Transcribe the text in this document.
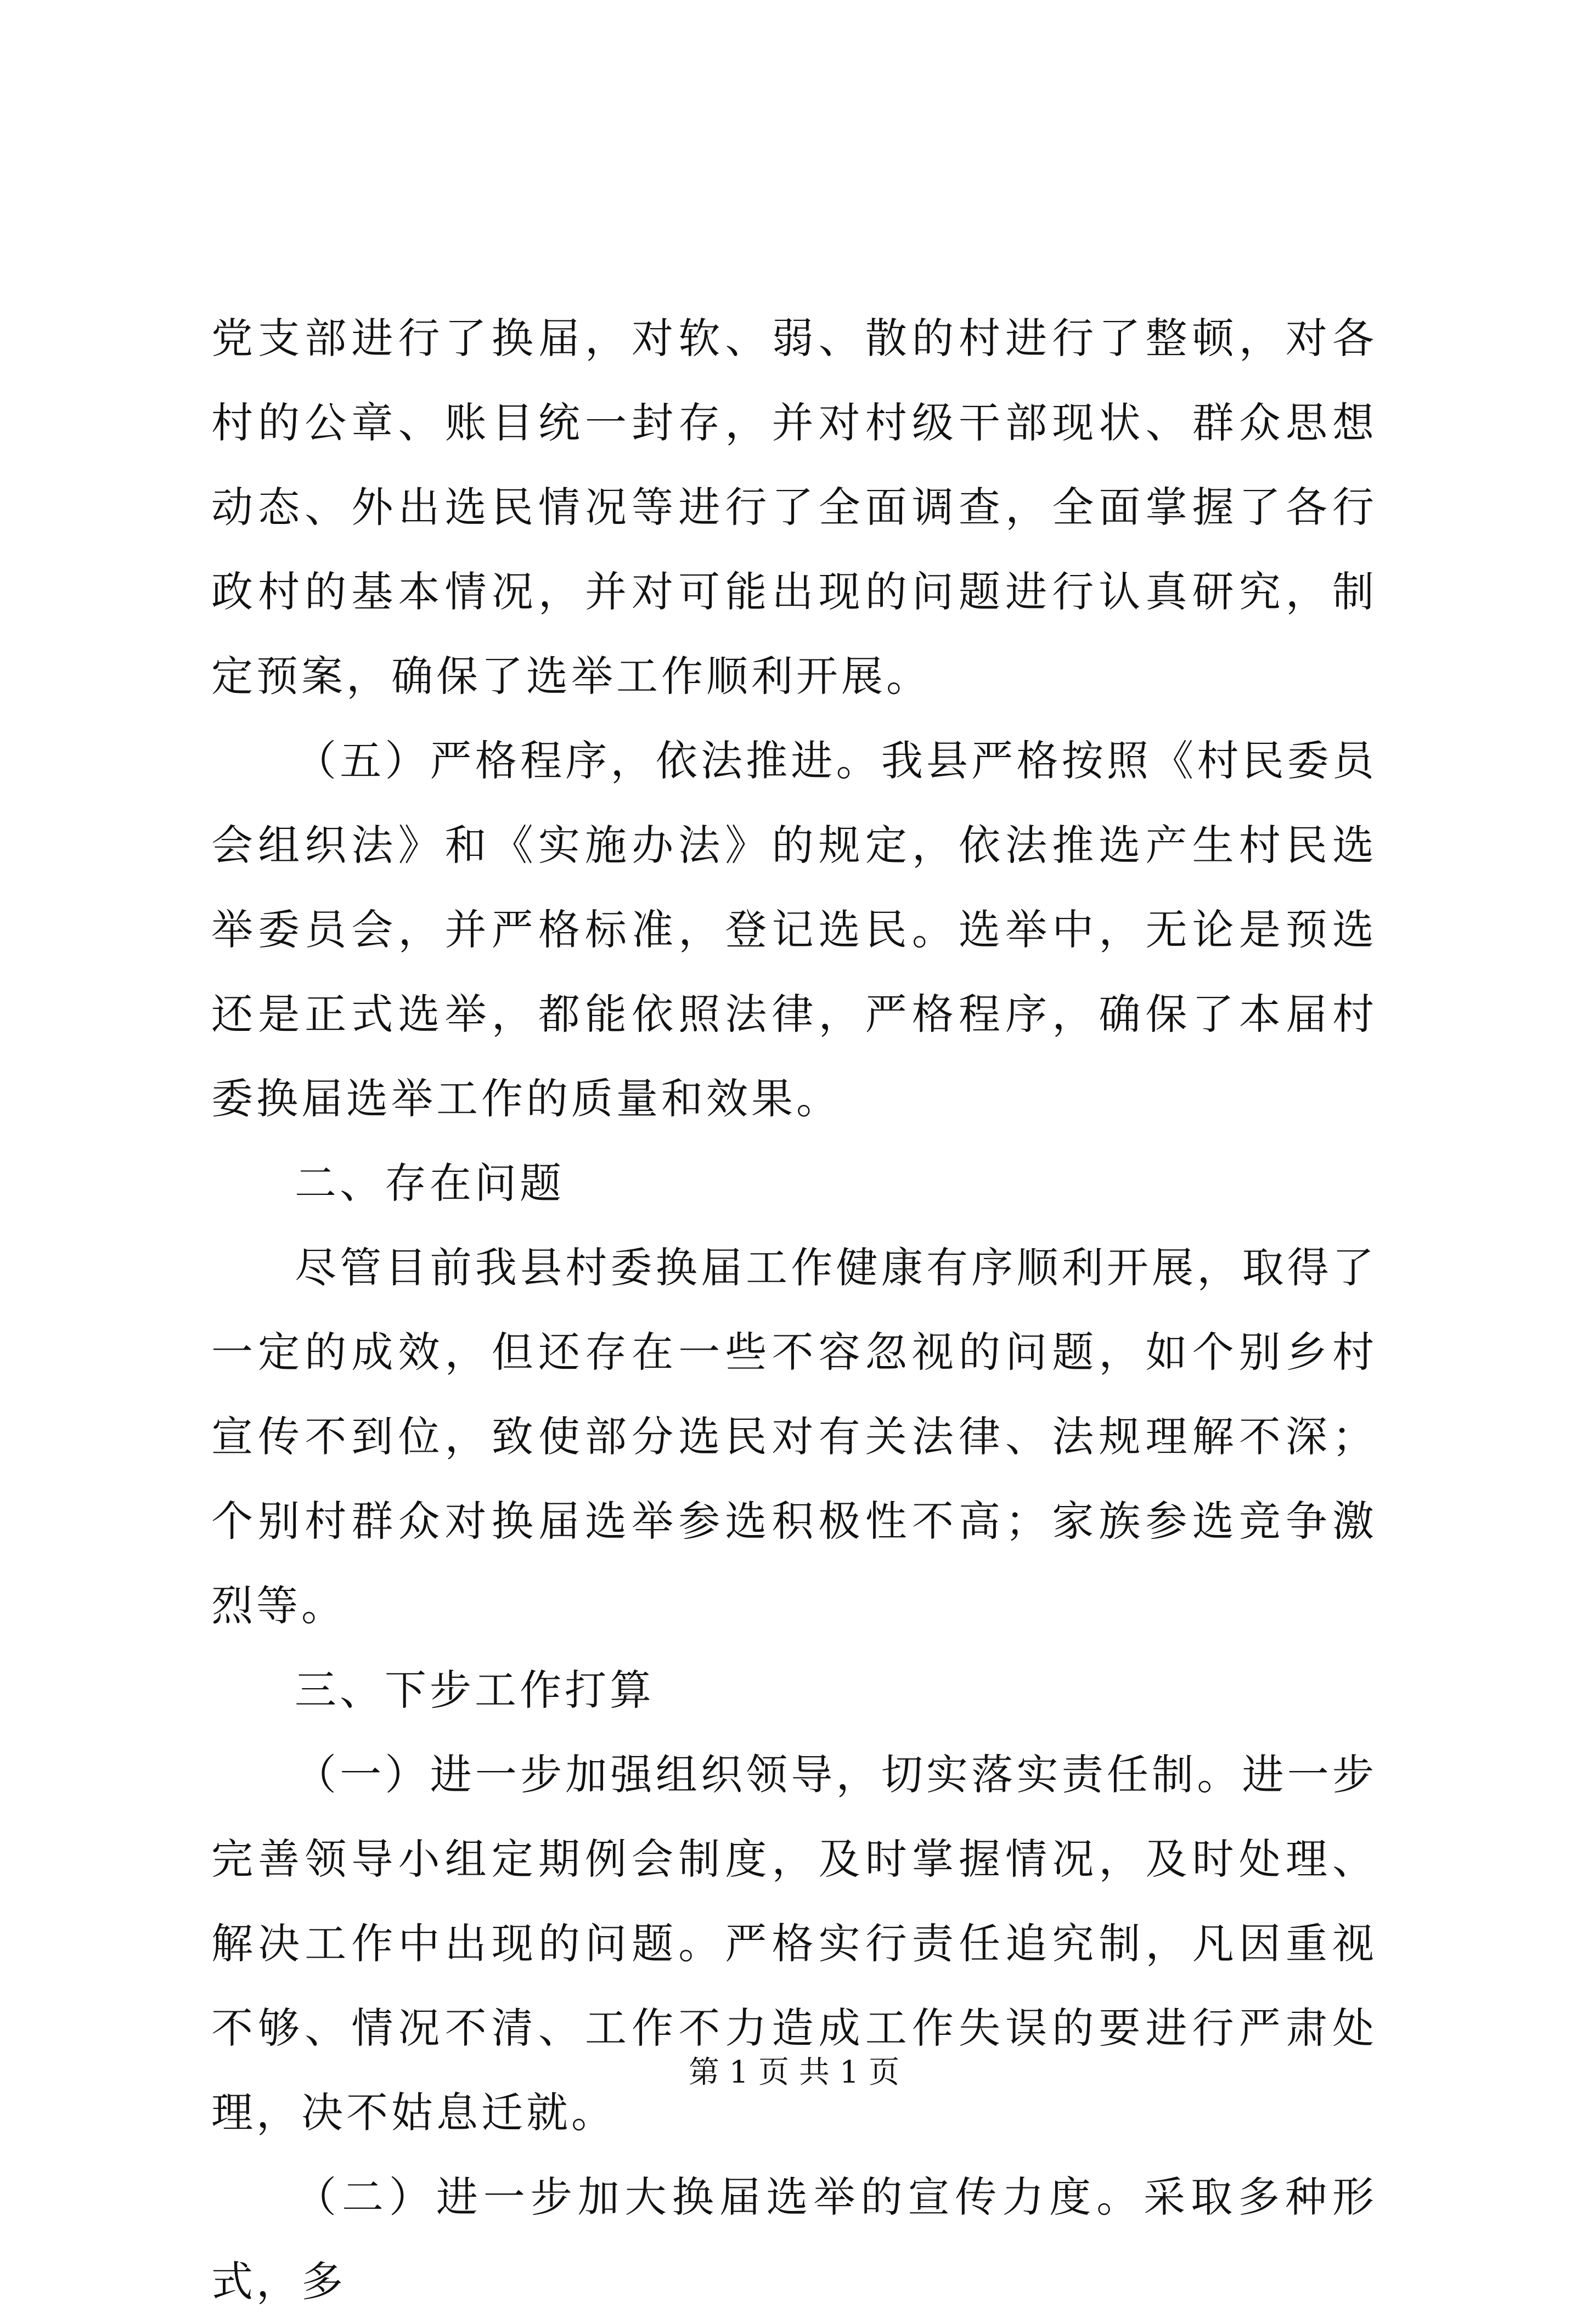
党支部进行了换届，对软、弱、散的村进行了整顿，对各村的公章、账目统一封存，并对村级干部现状、群众思想动态、外出选民情况等进行了全面调查，全面掌握了各行政村的基本情况，并对可能出现的问题进行认真研究，制定预案，确保了选举工作顺利开展。

（五）严格程序，依法推进。我县严格按照《村民委员会组织法》和《实施办法》的规定，依法推选产生村民选举委员会，并严格标准，登记选民。选举中，无论是预选还是正式选举，都能依照法律，严格程序，确保了本届村委换届选举工作的质量和效果。

二、存在问题

尽管目前我县村委换届工作健康有序顺利开展，取得了一定的成效，但还存在一些不容忽视的问题，如个别乡村宣传不到位，致使部分选民对有关法律、法规理解不深；个别村群众对换届选举参选积极性不高；家族参选竞争激烈等。

三、下步工作打算

（一）进一步加强组织领导，切实落实责任制。进一步完善领导小组定期例会制度，及时掌握情况，及时处理、解决工作中出现的问题。严格实行责任追究制，凡因重视不够、情况不清、工作不力造成工作失误的要进行严肃处理，决不姑息迁就。

（二）进一步加大换届选举的宣传力度。采取多种形式，多

第 1 页 共 1 页
